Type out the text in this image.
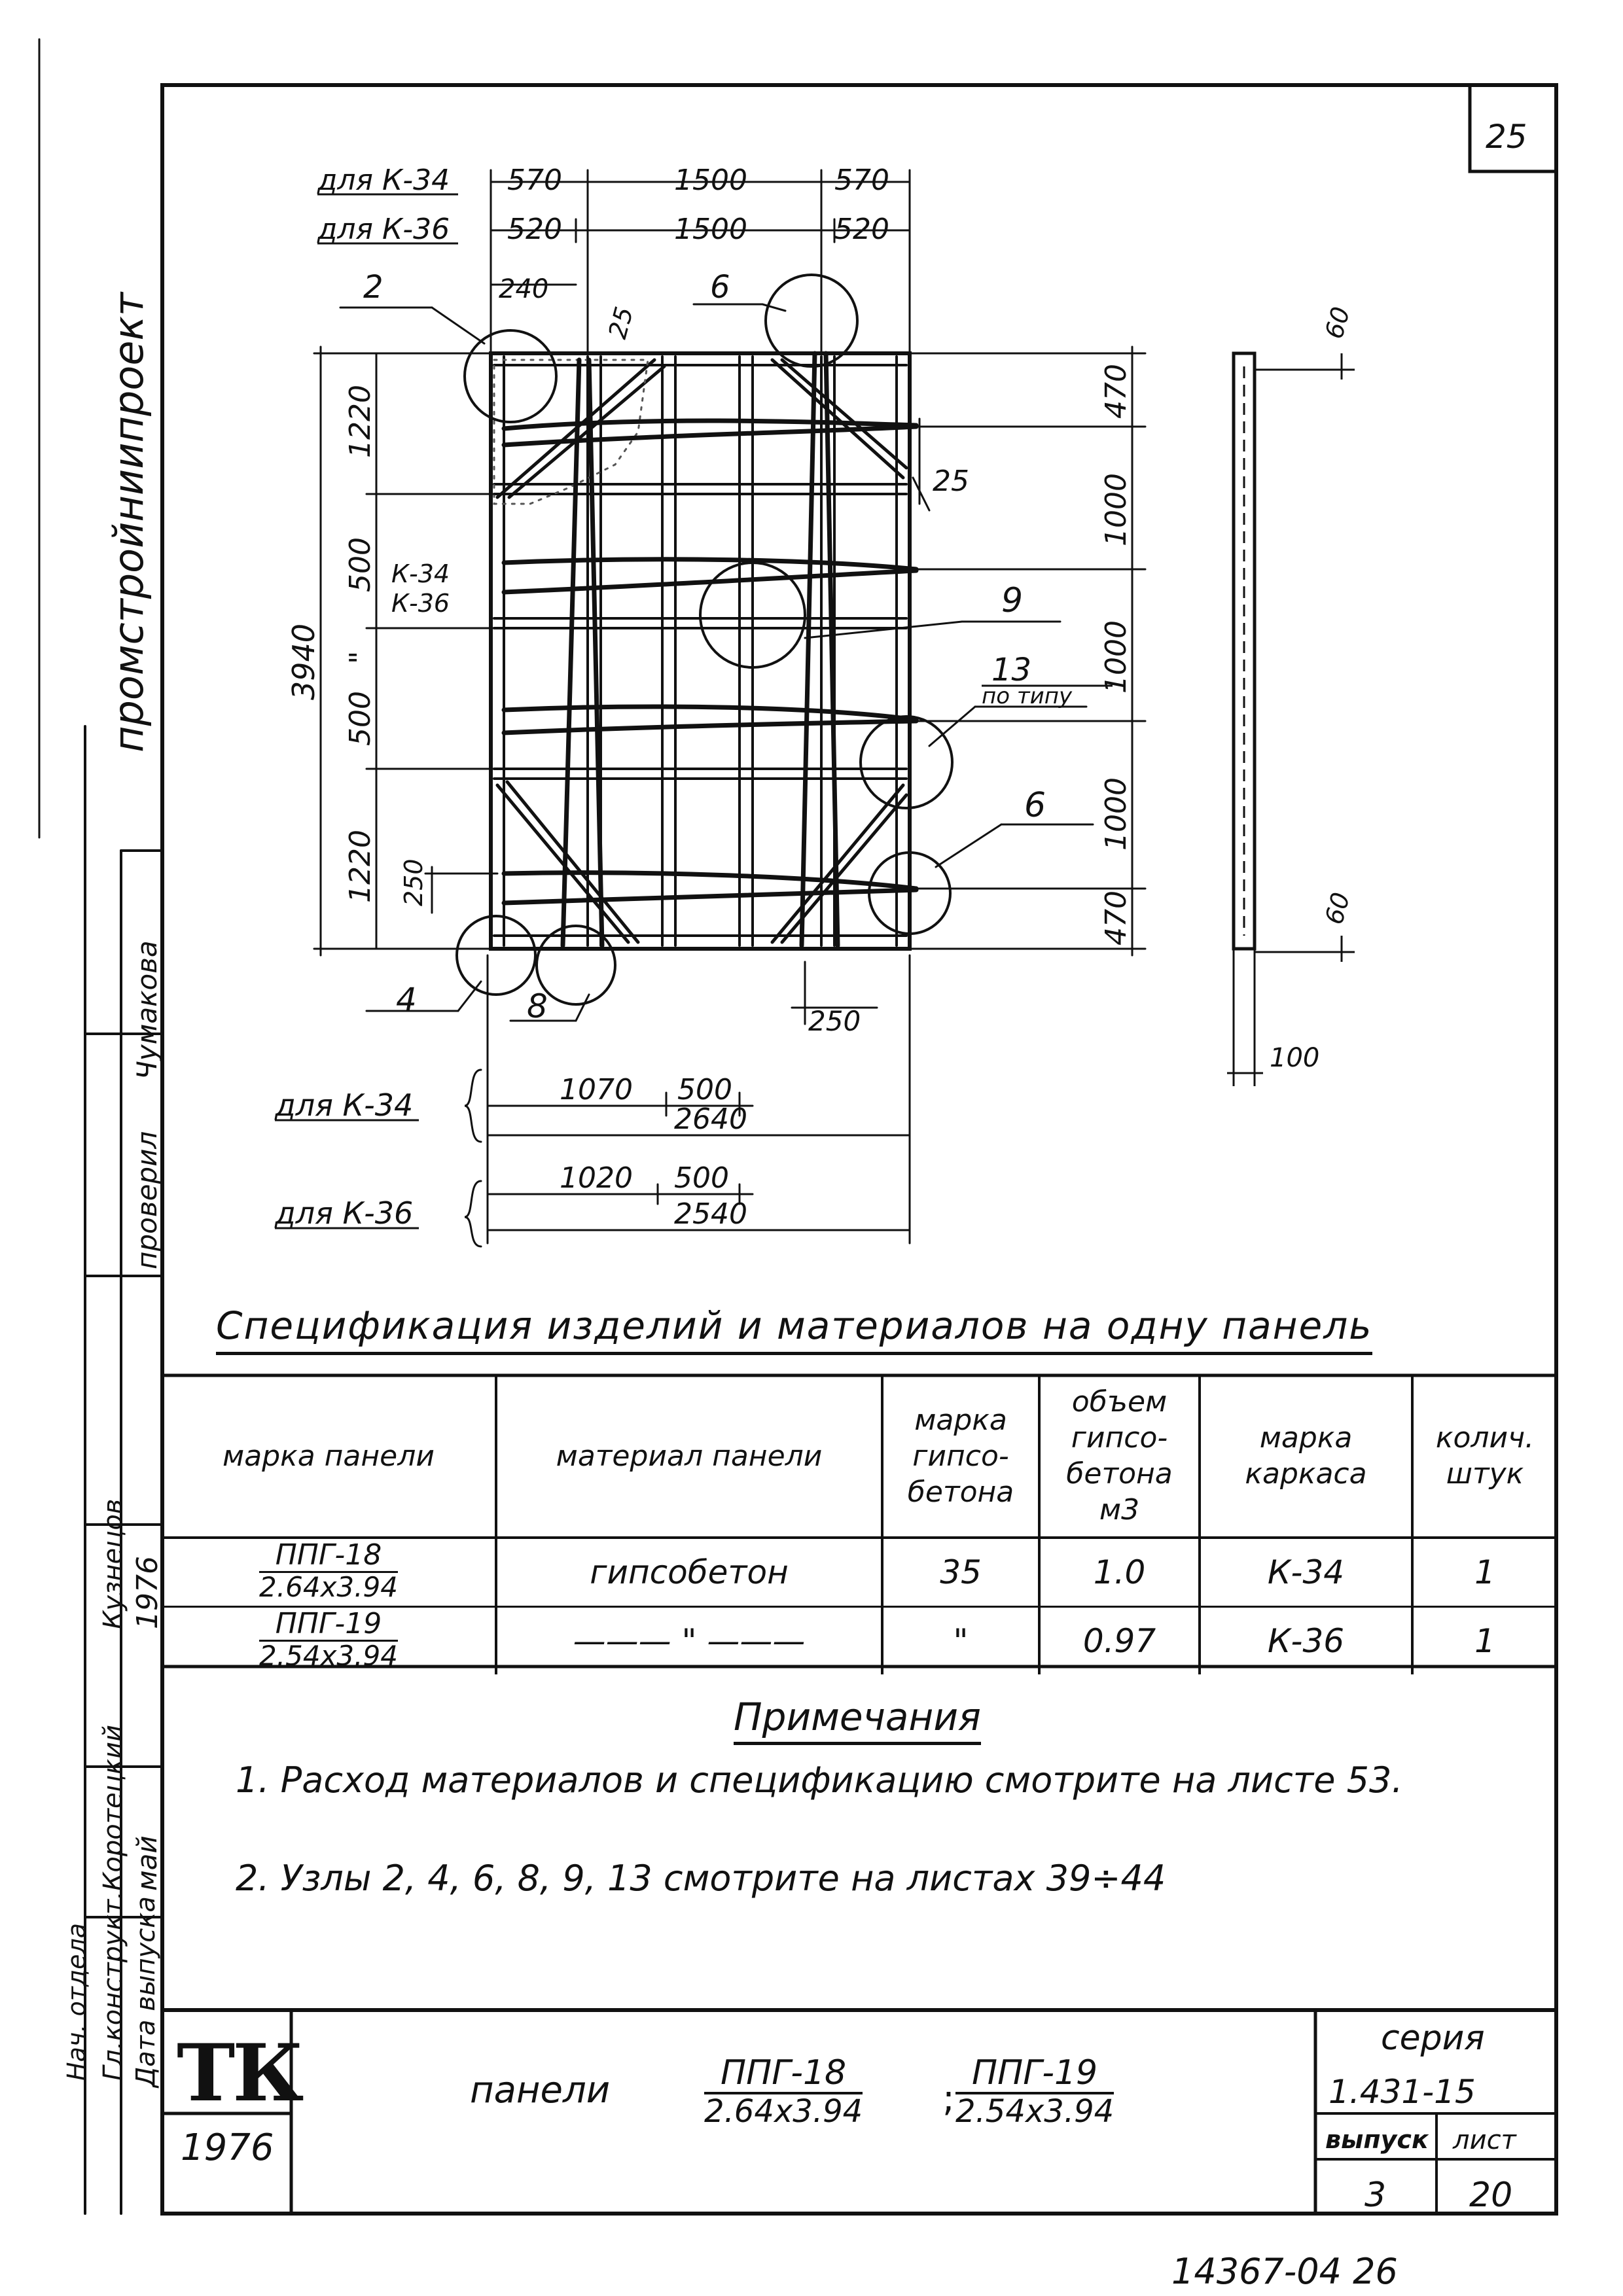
для К-34 570	1500	570
для К-36 520	1500	520
240
25
2	6
9
13
по типу
6
4	8
3940
1220
500
"
500
1220 250
К-34
К-36
470
1000
1000
1000
470
25
60
60
100
250
для К-34	1070 500
2640
для К-36
1020 500
2540
25
Спецификация изделий и материалов на одну панель
марка панели	материал панели	марка гипсо-бетона	объем гипсо-бетона м3	марка каркаса	колич. штук

$\frac{\text{ППГ-18}}{2.64х3.94}$	гипсобетон	35	1.0	К-34	1

$\frac{\text{ППГ-19}}{2.54х3.94}$	——— " ———	"	0.97	К-36	1
Примечания
1. Расход материалов и спецификацию смотрите на листе 53.
2. Узлы 2, 4, 6, 8, 9, 13 смотрите на листах 39÷44
ТК
1976
панели	ППГ-18
2.64х3.94 ;
ППГ-19
2.54х3.94
серия
1.431-15
выпуск лист
3 20
промстройниипроект
проверил
Чумакова
1976
май
Коротецкий
Гл.конструкт. Дата выпуска
Кузнецов
Нач. отдела
14367-04 26
